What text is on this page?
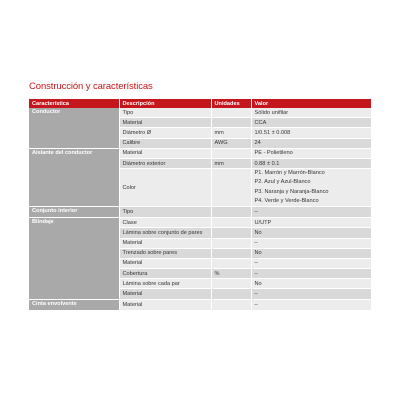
Construcción y características
Característica	Descripción	Unidades	Valor
Conductor	Tipo		Sólido unifilar

	Material		CCA

	Diámetro Ø	mm	1/0.51 ± 0.008

	Calibre	AWG	24

Aislante del conductor	Material		PE - Polietileno

	Diámetro exterior	mm	0.88 ± 0.1

	Color		P1. Marrón y Marrón-Blanco
P2. Azul y Azul-Blanco
P3. Naranja y Naranja-Blanco
P4. Verde y Verde-Blanco

Conjunto interior	Tipo		–

Blindaje	Clase		U/UTP

	Lámina sobre conjunto de pares		No

	Material		–

	Trenzado sobre pares		No

	Material		–

	Cobertura	%	–

	Lámina sobre cada par		No

	Material		–

Cinta envolvente	Material		–
